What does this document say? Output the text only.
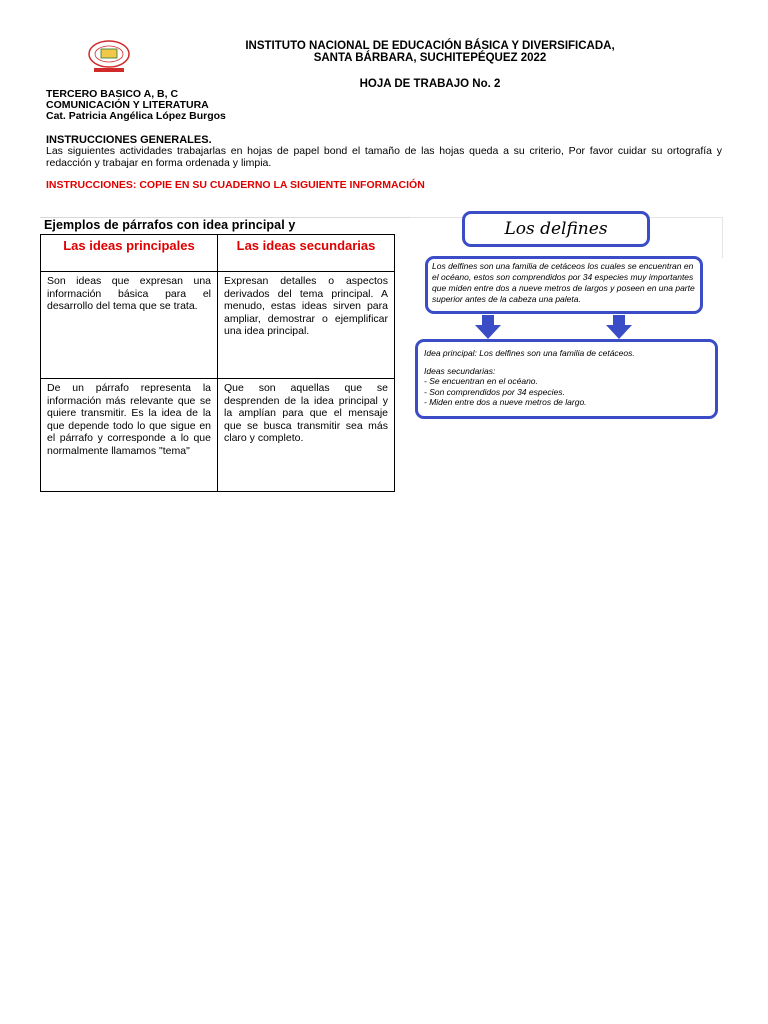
INSTITUTO NACIONAL DE EDUCACIÓN BÁSICA Y DIVERSIFICADA,
SANTA BÁRBARA, SUCHITEPÉQUEZ 2022
HOJA DE TRABAJO No. 2
TERCERO BASICO A, B, C
COMUNICACIÓN Y LITERATURA
Cat. Patricia Angélica López Burgos
INSTRUCCIONES GENERALES.
Las siguientes actividades trabajarlas en hojas de papel bond el tamaño de las hojas queda a su criterio, Por favor cuidar su ortografía y redacción y trabajar en forma ordenada y limpia.
INSTRUCCIONES: COPIE EN SU CUADERNO LA SIGUIENTE INFORMACIÓN
Ejemplos de párrafos con idea principal y
Las ideas principales	Las ideas secundarias
Son ideas que expresan una información básica para el desarrollo del tema que se trata.	Expresan detalles o aspectos derivados del tema principal. A menudo, estas ideas sirven para ampliar, demostrar o ejemplificar una idea principal.
De un párrafo representa la información más relevante que se quiere transmitir. Es la idea de la que depende todo lo que sigue en el párrafo y corresponde a lo que normalmente llamamos "tema"	Que son aquellas que se desprenden de la idea principal y la amplían para que el mensaje que se busca transmitir sea más claro y completo.
Los delfines
Los delfines son una familia de cetáceos los cuales se encuentran en el océano, estos son comprendidos por 34 especies muy importantes que miden entre dos a nueve metros de largos y poseen en una parte superior antes de la cabeza una paleta.
Idea principal: Los delfines son una familia de cetáceos.
Ideas secundarias:
- Se encuentran en el océano.
- Son comprendidos por 34 especies.
- Miden entre dos a nueve metros de largo.
